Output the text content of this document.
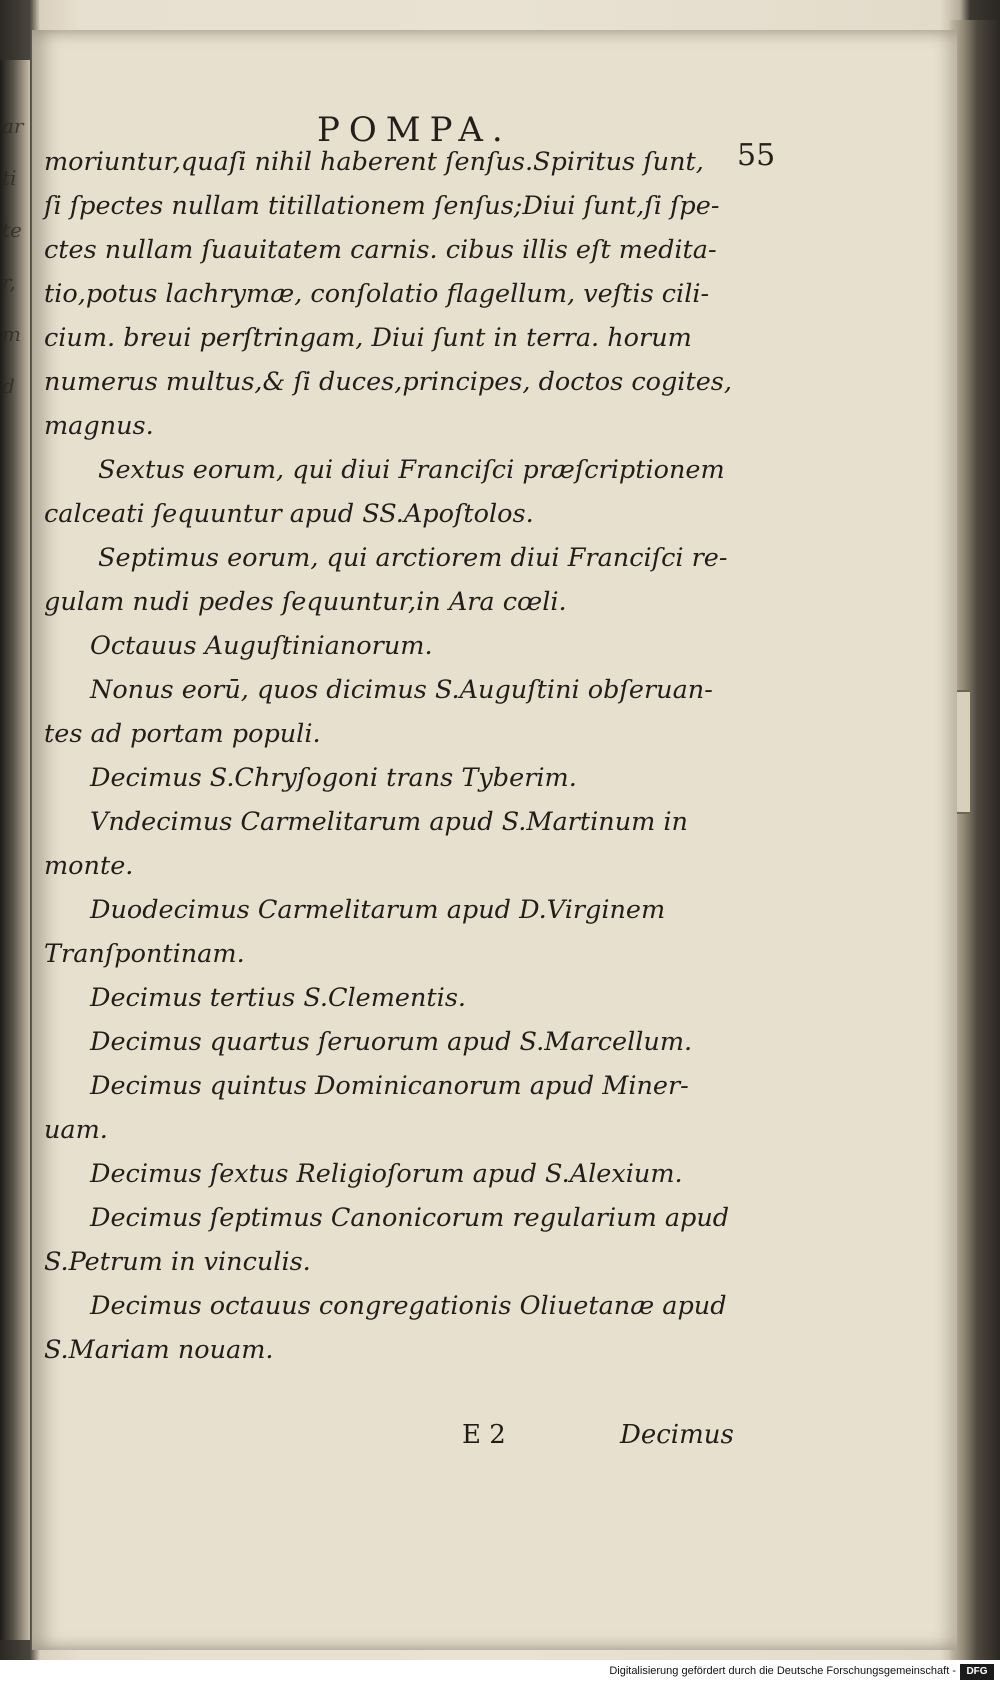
ar ti te r, m d
POMPA.
55
moriuntur,quaſi nihil haberent ſenſus.Spiritus ſunt,
ſi ſpectes nullam titillationem ſenſus;Diui ſunt,ſi ſpe-
ctes nullam ſuauitatem carnis. cibus illis eſt medita-
tio,potus lachrymæ, conſolatio flagellum, veſtis cili-
cium. breui perſtringam, Diui ſunt in terra. horum
numerus multus,& ſi duces,principes, doctos cogites,
magnus.
Sextus eorum, qui diui Franciſci præſcriptionem
calceati ſequuntur apud SS.Apoſtolos.
Septimus eorum, qui arctiorem diui Franciſci re-
gulam nudi pedes ſequuntur,in Ara cœli.
Octauus Auguſtinianorum.
Nonus eorū, quos dicimus S.Auguſtini obſeruan-
tes ad portam populi.
Decimus S.Chryſogoni trans Tyberim.
Vndecimus Carmelitarum apud S.Martinum in
monte.
Duodecimus Carmelitarum apud D.Virginem
Tranſpontinam.
Decimus tertius S.Clementis.
Decimus quartus ſeruorum apud S.Marcellum.
Decimus quintus Dominicanorum apud Miner-
uam.
Decimus ſextus Religioſorum apud S.Alexium.
Decimus ſeptimus Canonicorum regularium apud
S.Petrum in vinculis.
Decimus octauus congregationis Oliuetanæ apud
S.Mariam nouam.
E 2	Decimus
Digitalisierung gefördert durch die Deutsche Forschungsgemeinschaft -	DFG
